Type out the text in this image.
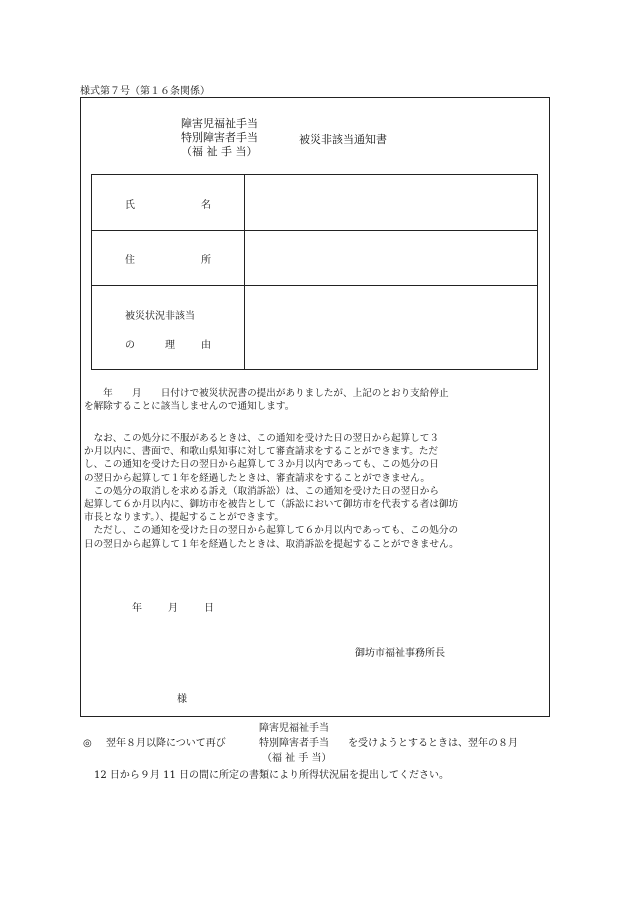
様式第７号（第１６条関係）
障害児福祉手当
特別障害者手当
（福 祉 手 当）
被災非該当通知書
氏	名
住	所
被災状況非該当
の	理	由
　　年　　月　　日付けで被災状況書の提出がありましたが、上記のとおり支給停止
を解除することに該当しませんので通知します。
　なお、この処分に不服があるときは、この通知を受けた日の翌日から起算して３
か月以内に、書面で、和歌山県知事に対して審査請求をすることができます。ただ
し、この通知を受けた日の翌日から起算して３か月以内であっても、この処分の日
の翌日から起算して１年を経過したときは、審査請求をすることができません。
　この処分の取消しを求める訴え（取消訴訟）は、この通知を受けた日の翌日から
起算して６か月以内に、御坊市を被告として（訴訟において御坊市を代表する者は御坊
市長となります。）、提起することができます。
　ただし、この通知を受けた日の翌日から起算して６か月以内であっても、この処分の
日の翌日から起算して１年を経過したときは、取消訴訟を提起することができません。
年	月	日
御坊市福祉事務所長
様
障害児福祉手当
◎ 翌年８月以降について再び	特別障害者手当 を受けようとするときは、翌年の８月
（福 祉 手 当）
12 日から９月 11 日の間に所定の書類により所得状況届を提出してください。
